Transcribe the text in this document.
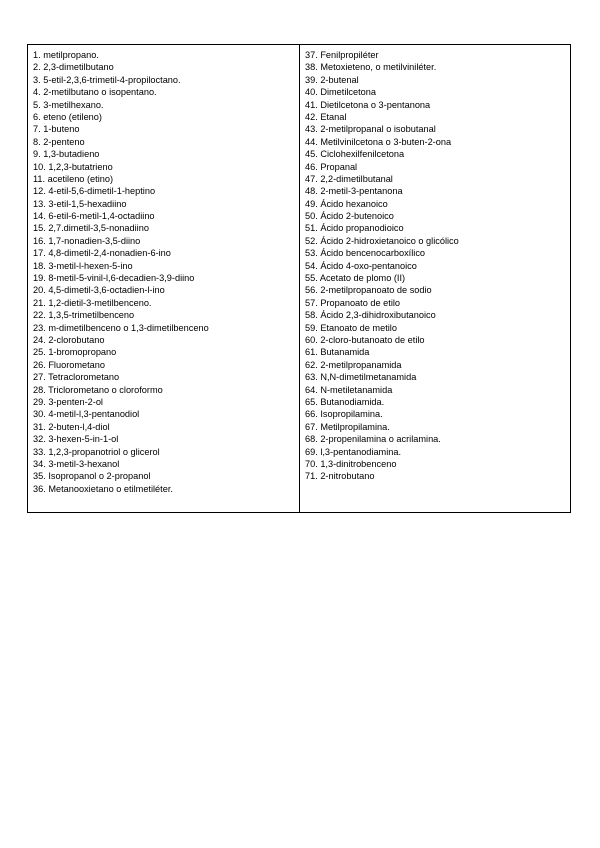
1. metilpropano.
2. 2,3-dimetilbutano
3. 5-etil-2,3,6-trimetil-4-propiloctano.
4. 2-metilbutano o isopentano.
5. 3-metilhexano.
6. eteno (etileno)
7. 1-buteno
8. 2-penteno
9. 1,3-butadieno
10. 1,2,3-butatrieno
11. acetileno (etino)
12. 4-etil-5,6-dimetil-1-heptino
13. 3-etil-1,5-hexadiino
14. 6-etil-6-metil-1,4-octadiino
15. 2,7.dimetil-3,5-nonadiino
16. 1,7-nonadien-3,5-diino
17. 4,8-dimetil-2,4-nonadien-6-ino
18. 3-metil-l-hexen-5-ino
19. 8-metil-5-vinil-l,6-decadien-3,9-diino
20. 4,5-dimetil-3,6-octadien-l-ino
21. 1,2-dietil-3-metilbenceno.
22. 1,3,5-trimetilbenceno
23. m-dimetilbenceno o 1,3-dimetilbenceno
24. 2-clorobutano
25. 1-bromopropano
26. Fluorometano
27. Tetraclorometano
28. Triclorometano o cloroformo
29. 3-penten-2-ol
30. 4-metil-l,3-pentanodiol
31. 2-buten-l,4-diol
32. 3-hexen-5-in-1-ol
33. 1,2,3-propanotriol o glicerol
34. 3-metil-3-hexanol
35. Isopropanol o 2-propanol
36. Metanooxietano o etilmetiléter.
37. Fenilpropiléter
38. Metoxieteno, o metilviniléter.
39. 2-butenal
40. Dimetilcetona
41. Dietilcetona o 3-pentanona
42. Etanal
43. 2-metilpropanal o isobutanal
44. Metilvinilcetona o 3-buten-2-ona
45. Ciclohexilfenilcetona
46. Propanal
47. 2,2-dimetilbutanal
48. 2-metil-3-pentanona
49. Ácido hexanoico
50. Ácido 2-butenoico
51. Ácido propanodioico
52. Ácido 2-hidroxietanoico o glicólico
53. Ácido bencenocarboxílico
54. Ácido 4-oxo-pentanoico
55. Acetato de plomo (II)
56. 2-metilpropanoato de sodio
57. Propanoato de etilo
58. Ácido 2,3-dihidroxibutanoico
59. Etanoato de metilo
60. 2-cloro-butanoato de etilo
61. Butanamida
62. 2-metilpropanamida
63. N,N-dimetilmetanamida
64. N-metiletanamida
65. Butanodiamida.
66. Isopropilamina.
67. Metilpropilamina.
68. 2-propenilamina o acrilamina.
69. l,3-pentanodiamina.
70. 1,3-dinitrobenceno
71. 2-nitrobutano
